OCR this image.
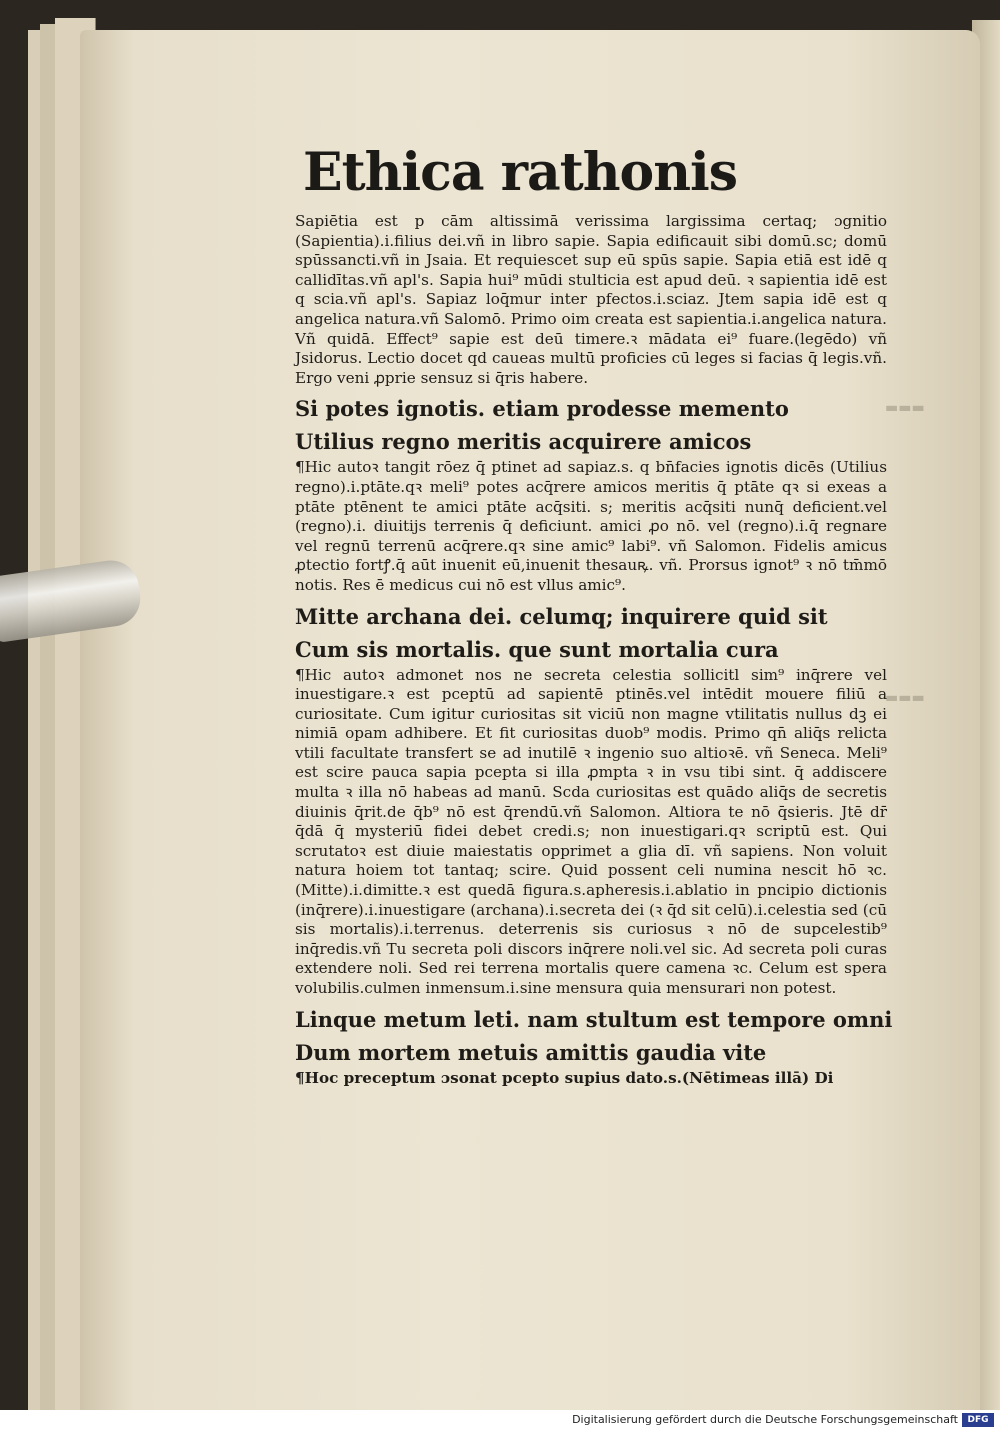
▬▬▬
▬▬▬
Ethica rathonis

Sapiētia est p cām altissimā verissima largissima certaq; ɔgnitio (Sapientia).i.filius dei.vñ in libro sapie. Sapia edificauit sibi domū.sc; domū spūssancti.vñ in Jsaia. Et requiescet sup eū spūs sapie. Sapia etiā est idē q callidītas.vñ apl's. Sapia hui⁹ mūdi stulticia est apud deū. ꝛ sapientia idē est q scia.vñ apl's. Sapiaz loq̄mur inter pfectos.i.sciaz. Jtem sapia idē est q angelica natura.vñ Salomō. Primo oim creata est sapientia.i.angelica natura. Vñ quidā. Effect⁹ sapie est deū timere.ꝛ mādata ei⁹ fuare.(legēdo) vñ Jsidorus. Lectio docet qd caueas multū proficies cū leges si facias q̄ legis.vñ. Ergo veni ꝓprie sensuz si q̄ris habere.

Si potes ignotis. etiam prodesse memento

Utilius regno meritis acquirere amicos

¶Hic autoꝛ tangit rōez q̄ ptinet ad sapiaz.s. q bn̄facies ignotis dicēs (Utilius regno).i.ptāte.qꝛ meli⁹ potes acq̄rere amicos meritis q̄ ptāte qꝛ si exeas a ptāte ptēnent te amici ptāte acq̄siti. s; meritis acq̄siti nunq̄ deficient.vel (regno).i. diuitijs terrenis q̄ deficiunt. amici ꝓo nō. vel (regno).i.q̄ regnare vel regnū terrenū acq̄rere.qꝛ sine amic⁹ labi⁹. vñ Salomon. Fidelis amicus ꝓtectio fortꝭ.q̄ aūt inuenit eū,inuenit thesauꝶ. vñ. Prorsus ignot⁹ ꝛ nō tm̄mō notis. Res ē medicus cui nō est vllus amic⁹.

Mitte archana dei. celumq; inquirere quid sit

Cum sis mortalis. que sunt mortalia cura

¶Hic autoꝛ admonet nos ne secreta celestia sollicitl sim⁹ inq̄rere vel inuestigare.ꝛ est pceptū ad sapientē ptinēs.vel intēdit mouere filiū a curiositate. Cum igitur curiositas sit viciū non magne vtilitatis nullus dꝫ ei nimiā opam adhibere. Et fit curiositas duob⁹ modis. Primo qn̄ aliq̄s relicta vtili facultate transfert se ad inutilē ꝛ ingenio suo altioꝛē. vñ Seneca. Meli⁹ est scire pauca sapia pcepta si illa ꝓmpta ꝛ in vsu tibi sint. q̄ addiscere multa ꝛ illa nō habeas ad manū. Scda curiositas est quādo aliq̄s de secretis diuinis q̄rit.de q̄b⁹ nō est q̄rendū.vñ Salomon. Altiora te nō q̄sieris. Jtē dr̄ q̄dā q̄ mysteriū fidei debet credi.s; non inuestigari.qꝛ scriptū est. Qui scrutatoꝛ est diuie maiestatis opprimet a glia dī. vñ sapiens. Non voluit natura hoiem tot tantaq; scire. Quid possent celi numina nescit hō ꝛc.(Mitte).i.dimitte.ꝛ est quedā figura.s.apheresis.i.ablatio in pncipio dictionis (inq̄rere).i.inuestigare (archana).i.secreta dei (ꝛ q̄d sit celū).i.celestia sed (cū sis mortalis).i.terrenus. deterrenis sis curiosus ꝛ nō de supcelestib⁹ inq̄redis.vñ Tu secreta poli discors inq̄rere noli.vel sic. Ad secreta poli curas extendere noli. Sed rei terrena mortalis quere camena ꝛc. Celum est spera volubilis.culmen inmensum.i.sine mensura quia mensurari non potest.

Linque metum leti. nam stultum est tempore omni

Dum mortem metuis amittis gaudia vite

¶Hoc preceptum ɔsonat pcepto supius dato.s.(Nētimeas illā) Di

Digitalisierung gefördert durch die Deutsche Forschungsgemeinschaft	DFG
